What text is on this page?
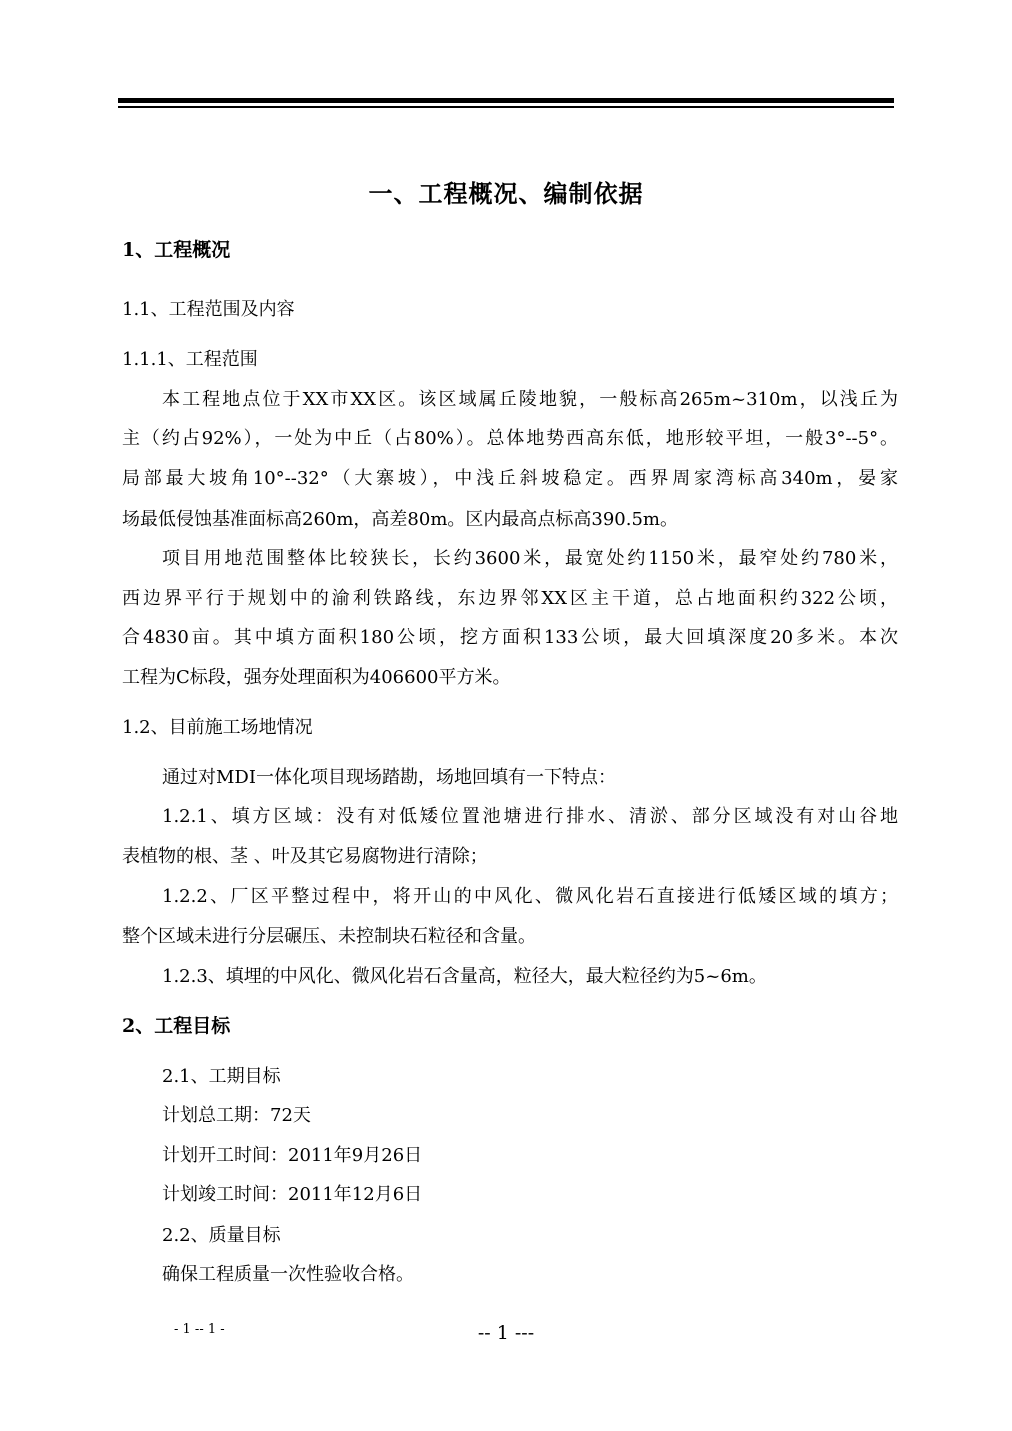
一、工程概况、编制依据
1、工程概况
1.1、工程范围及内容
1.1.1、工程范围
本工程地点位于XX市XX区。该区域属丘陵地貌，一般标高265m~310m，以浅丘为
主（约占92%），一处为中丘（占80%）。总体地势西高东低，地形较平坦，一般3°--5°。
局部最大坡角10°--32°（大寨坡），中浅丘斜坡稳定。西界周家湾标高340m，晏家
场最低侵蚀基准面标高260m，高差80m。区内最高点标高390.5m。
项目用地范围整体比较狭长，长约3600米，最宽处约1150米，最窄处约780米，
西边界平行于规划中的渝利铁路线，东边界邻XX区主干道，总占地面积约322公顷，
合4830亩。其中填方面积180公顷，挖方面积133公顷，最大回填深度20多米。本次
工程为C标段，强夯处理面积为406600平方米。
1.2、目前施工场地情况
通过对MDI一体化项目现场踏勘，场地回填有一下特点：
1.2.1、填方区域：没有对低矮位置池塘进行排水、清淤、部分区域没有对山谷地
表植物的根、茎 、叶及其它易腐物进行清除；
1.2.2、厂区平整过程中，将开山的中风化、微风化岩石直接进行低矮区域的填方；
整个区域未进行分层碾压、未控制块石粒径和含量。
1.2.3、填埋的中风化、微风化岩石含量高，粒径大，最大粒径约为5~6m。
2、工程目标
2.1、工期目标
计划总工期：72天
计划开工时间：2011年9月26日
计划竣工时间：2011年12月6日
2.2、质量目标
确保工程质量一次性验收合格。
- 1 -- 1 -	-- 1 ---
